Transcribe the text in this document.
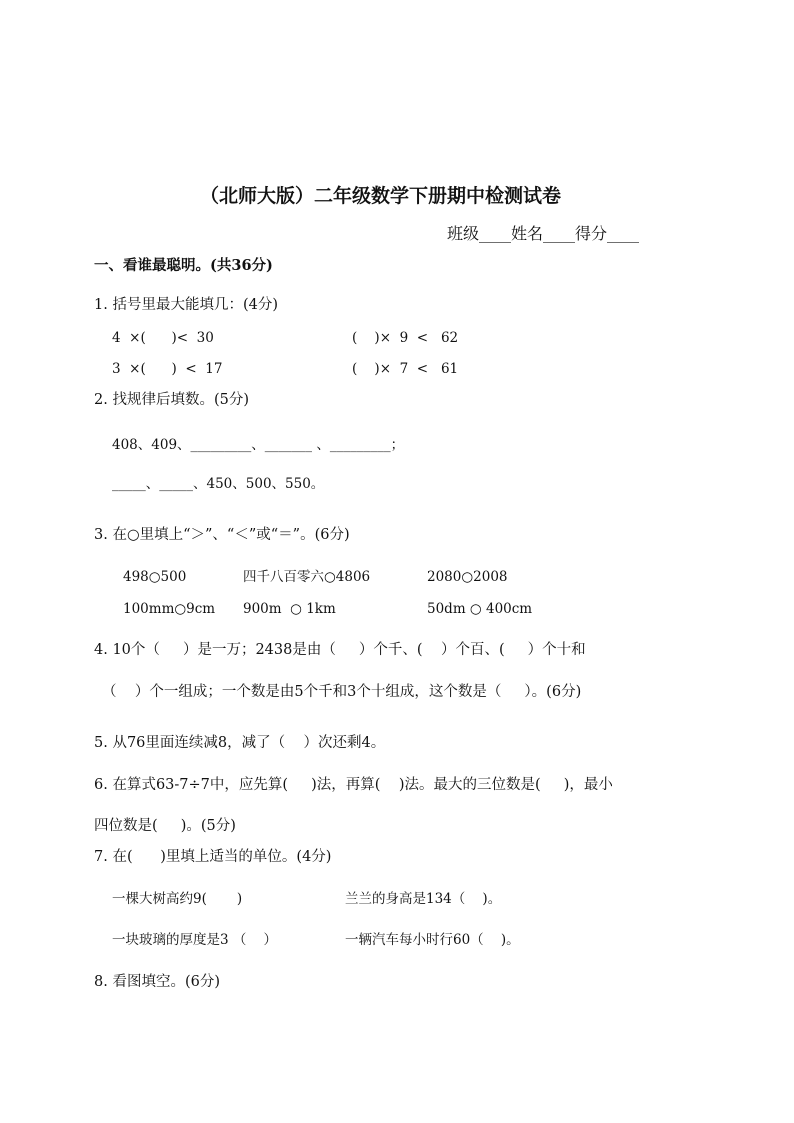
（北师大版）二年级数学下册期中检测试卷
班级____姓名____得分____
一、看谁最聪明。(共36分)
1. 括号里最大能填几：(4分)
4  ×(      )<  30	(    )×  9  <   62
3  ×(      )  <  17	(    )×  7  <   61
2. 找规律后填数。(5分)
408、409、_________、_______ 、_________；
_____、_____、450、500、550。
3. 在○里填上“＞”、“＜”或“＝”。(6分)
498○500	四千八百零六○4806	2080○2008
100mm○9cm 900m  ○ 1km	50dm ○ 400cm
4. 10个（     ）是一万；2438是由（     ）个千、(    ）个百、(     ）个十和
（    ）个一组成；一个数是由5个千和3个十组成，这个数是（     ）。(6分)
5. 从76里面连续减8，减了（    ）次还剩4。
6. 在算式63-7÷7中，应先算(     )法，再算(    )法。最大的三位数是(     )，最小
四位数是(     )。(5分)
7. 在(      )里填上适当的单位。(4分)
一棵大树高约9(       )	兰兰的身高是134（    )。
一块玻璃的厚度是3 （    ）	一辆汽车每小时行60（    )。
8. 看图填空。(6分)
